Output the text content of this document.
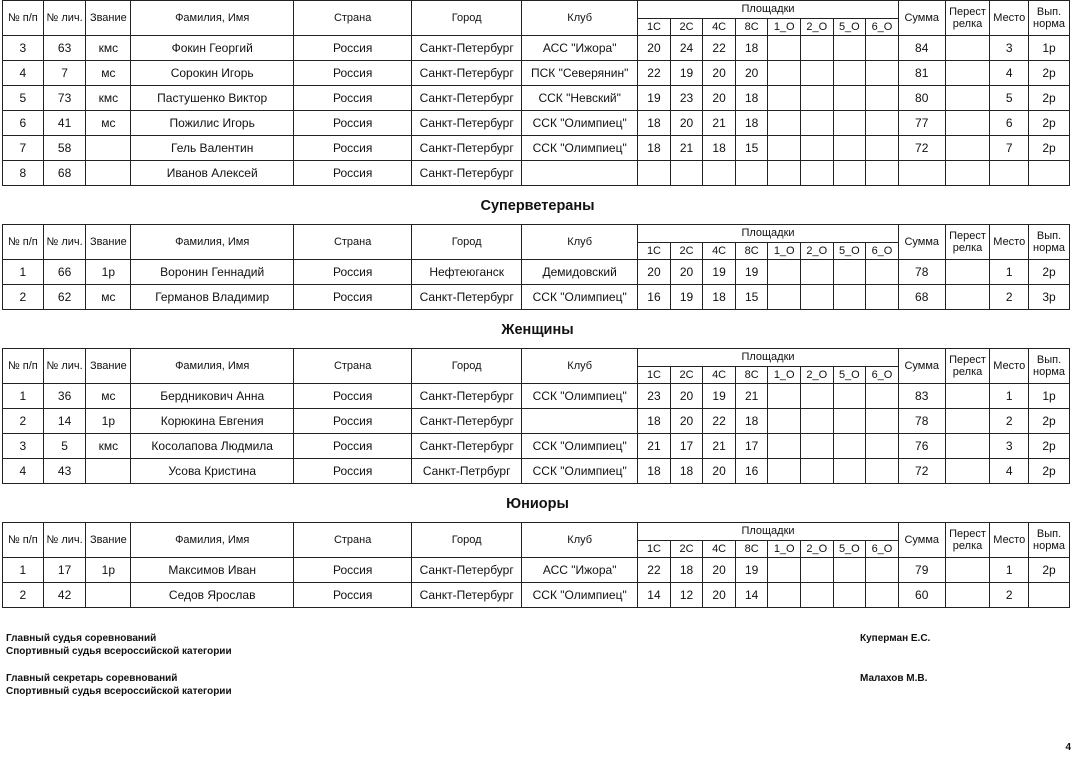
№ п/п	№ лич.	Звание	Фамилия, Имя	Страна	Город	Клуб	Площадки								Сумма	Перест релка	Место	Вып. норма
							1С	2С	4С	8С	1_О	2_О	5_О	6_О				
3	63	кмс	Фокин Георгий	Россия	Санкт-Петербург	АСС "Ижора"	20	24	22	18					84		3	1р
4	7	мс	Сорокин Игорь	Россия	Санкт-Петербург	ПСК "Северянин"	22	19	20	20					81		4	2р
5	73	кмс	Пастушенко Виктор	Россия	Санкт-Петербург	ССК "Невский"	19	23	20	18					80		5	2р
6	41	мс	Пожилис Игорь	Россия	Санкт-Петербург	ССК "Олимпиец"	18	20	21	18					77		6	2р
7	58		Гель Валентин	Россия	Санкт-Петербург	ССК "Олимпиец"	18	21	18	15					72		7	2р
8	68		Иванов Алексей	Россия	Санкт-Петербург													
Суперветераны
№ п/п	№ лич.	Звание	Фамилия, Имя	Страна	Город	Клуб	Площадки								Сумма	Перест релка	Место	Вып. норма
							1С	2С	4С	8С	1_О	2_О	5_О	6_О				
1	66	1р	Воронин Геннадий	Россия	Нефтеюганск	Демидовский	20	20	19	19					78		1	2р
2	62	мс	Германов Владимир	Россия	Санкт-Петербург	ССК "Олимпиец"	16	19	18	15					68		2	3р
Женщины
№ п/п	№ лич.	Звание	Фамилия, Имя	Страна	Город	Клуб	Площадки								Сумма	Перест релка	Место	Вып. норма
							1С	2С	4С	8С	1_О	2_О	5_О	6_О				
1	36	мс	Бердникович Анна	Россия	Санкт-Петербург	ССК "Олимпиец"	23	20	19	21					83		1	1р
2	14	1р	Корюкина Евгения	Россия	Санкт-Петербург		18	20	22	18					78		2	2р
3	5	кмс	Косолапова Людмила	Россия	Санкт-Петербург	ССК "Олимпиец"	21	17	21	17					76		3	2р
4	43		Усова Кристина	Россия	Санкт-Петрбург	ССК "Олимпиец"	18	18	20	16					72		4	2р
Юниоры
№ п/п	№ лич.	Звание	Фамилия, Имя	Страна	Город	Клуб	Площадки								Сумма	Перест релка	Место	Вып. норма
							1С	2С	4С	8С	1_О	2_О	5_О	6_О				
1	17	1р	Максимов Иван	Россия	Санкт-Петербург	АСС "Ижора"	22	18	20	19					79		1	2р
2	42		Седов Ярослав	Россия	Санкт-Петербург	ССК "Олимпиец"	14	12	20	14					60		2	
Главный судья соревнований
Спортивный судья всероссийской категории
Куперман Е.С.
Главный секретарь соревнований
Спортивный судья всероссийской категории
Малахов М.В.
4
